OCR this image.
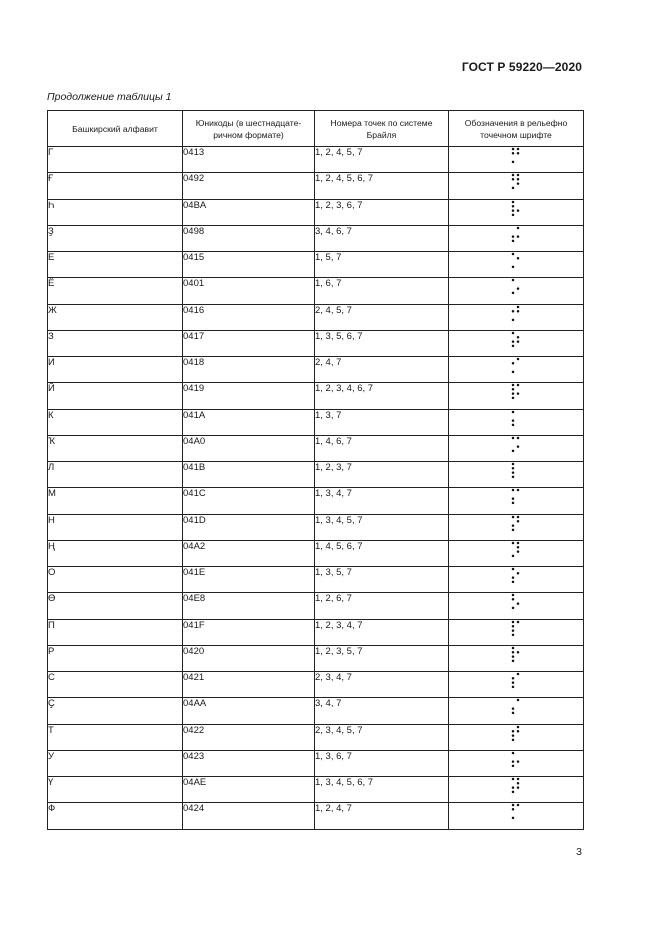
ГОСТ Р 59220—2020
Продолжение таблицы 1
Башкирский алфавит	Юникоды (в шестнадцате-ричном формате)	Номера точек по системе Брайля	Обозначения в рельефно точечном шрифте
Г	0413	1, 2, 4, 5, 7	

Ғ	0492	1, 2, 4, 5, 6, 7	

Һ	04BA	1, 2, 3, 6, 7	

Ҙ	0498	3, 4, 6, 7	

Е	0415	1, 5, 7	

Ё	0401	1, 6, 7	

Ж	0416	2, 4, 5, 7	

З	0417	1, 3, 5, 6, 7	

И	0418	2, 4, 7	

Й	0419	1, 2, 3, 4, 6, 7	

К	041A	1, 3, 7	

Ҡ	04A0	1, 4, 6, 7	

Л	041B	1, 2, 3, 7	

М	041C	1, 3, 4, 7	

Н	041D	1, 3, 4, 5, 7	

Ң	04A2	1, 4, 5, 6, 7	

О	041E	1, 3, 5, 7	

Ө	04E8	1, 2, 6, 7	

П	041F	1, 2, 3, 4, 7	

Р	0420	1, 2, 3, 5, 7	

С	0421	2, 3, 4, 7	

Ҫ	04AA	3, 4, 7	

Т	0422	2, 3, 4, 5, 7	

У	0423	1, 3, 6, 7	

Ү	04AE	1, 3, 4, 5, 6, 7	

Ф	0424	1, 2, 4, 7	
3
